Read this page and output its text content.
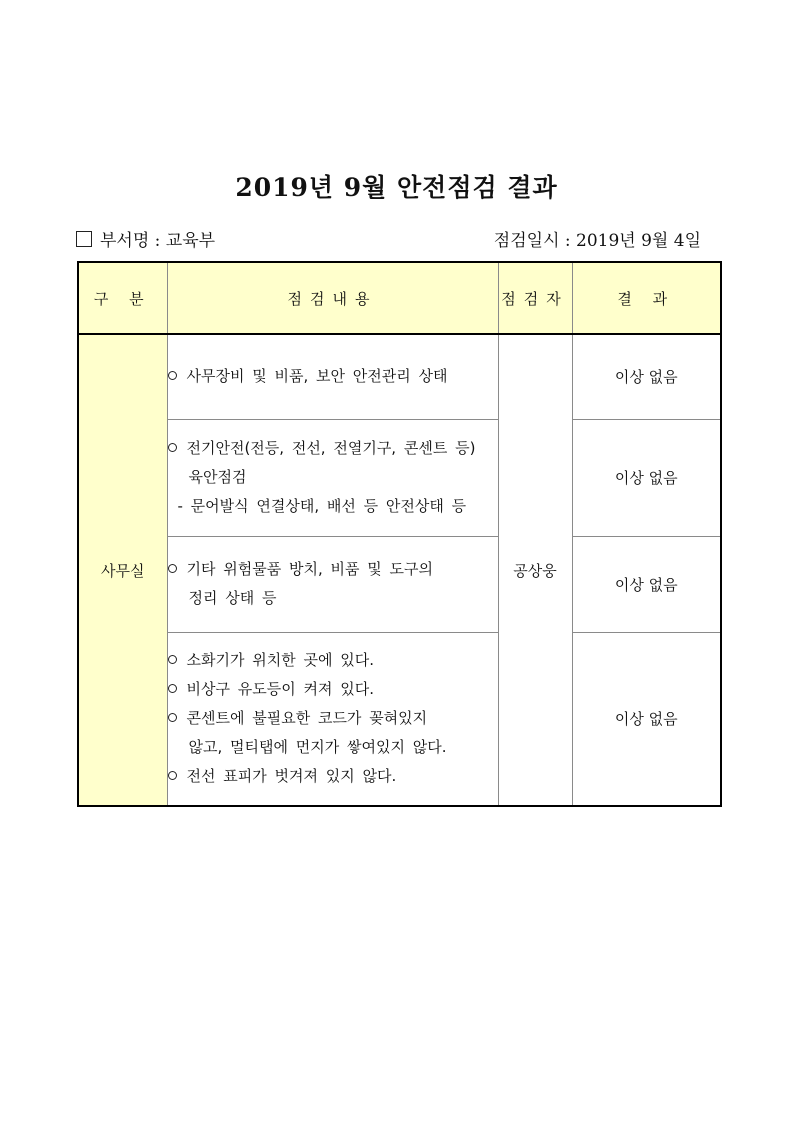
2019년 9월 안전점검 결과
부서명 : 교육부	점검일시 : 2019년 9월 4일
구 분	점검내용	점검자	결 과
사무실	사무장비 및 비품, 보안 안전관리 상태	공상웅	이상 없음

	전기안전(전등, 전선, 전열기구, 콘센트 등)
육안점검
- 문어발식 연결상태, 배선 등 안전상태 등		이상 없음

	기타 위험물품 방치, 비품 및 도구의
정리 상태 등		이상 없음

	소화기가 위치한 곳에 있다.
비상구 유도등이 켜져 있다.
콘센트에 불필요한 코드가 꽂혀있지
않고, 멀티탭에 먼지가 쌓여있지 않다.
전선 표피가 벗겨져 있지 않다.		이상 없음
